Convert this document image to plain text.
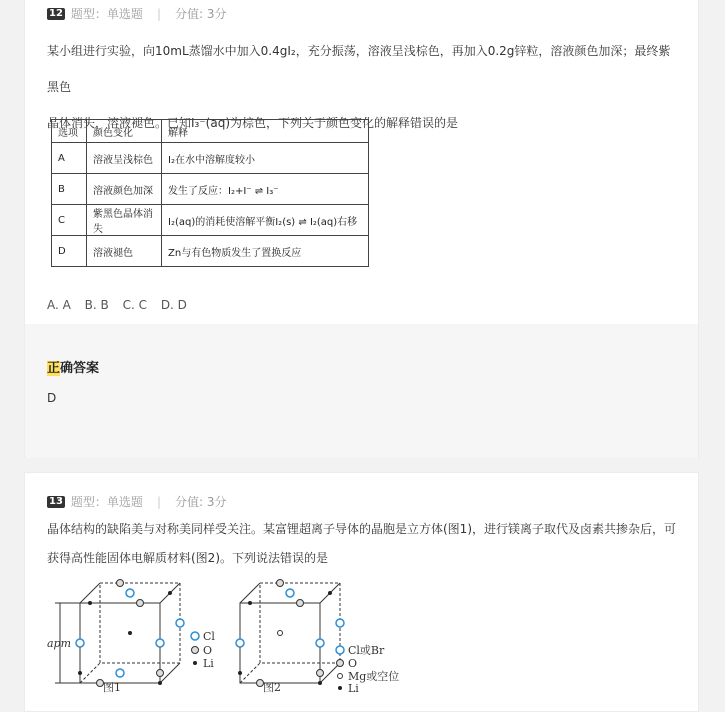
12 题型：单选题 | 分值: 3分
某小组进行实验，向10mL蒸馏水中加入0.4gI₂，充分振荡，溶液呈浅棕色，再加入0.2g锌粒，溶液颜色加深；最终紫黑色
晶体消失，溶液褪色。已知I₃⁻(aq)为棕色，下列关于颜色变化的解释错误的是
选项	颜色变化	解释
A	溶液呈浅棕色	I₂在水中溶解度较小
B	溶液颜色加深	发生了反应：I₂+I⁻ ⇌ I₃⁻
C	紫黑色晶体消失	I₂(aq)的消耗使溶解平衡I₂(s) ⇌ I₂(aq)右移
D	溶液褪色	Zn与有色物质发生了置换反应
A. A B. B C. C D. D
正确答案
D
13 题型：单选题 | 分值: 3分
晶体结构的缺陷美与对称美同样受关注。某富锂超离子导体的晶胞是立方体(图1)，进行镁离子取代及卤素共掺杂后，可
获得高性能固体电解质材料(图2)。下列说法错误的是
apm
Cl
O
Li
图1
Cl或Br
O
Mg或空位
Li
图2
